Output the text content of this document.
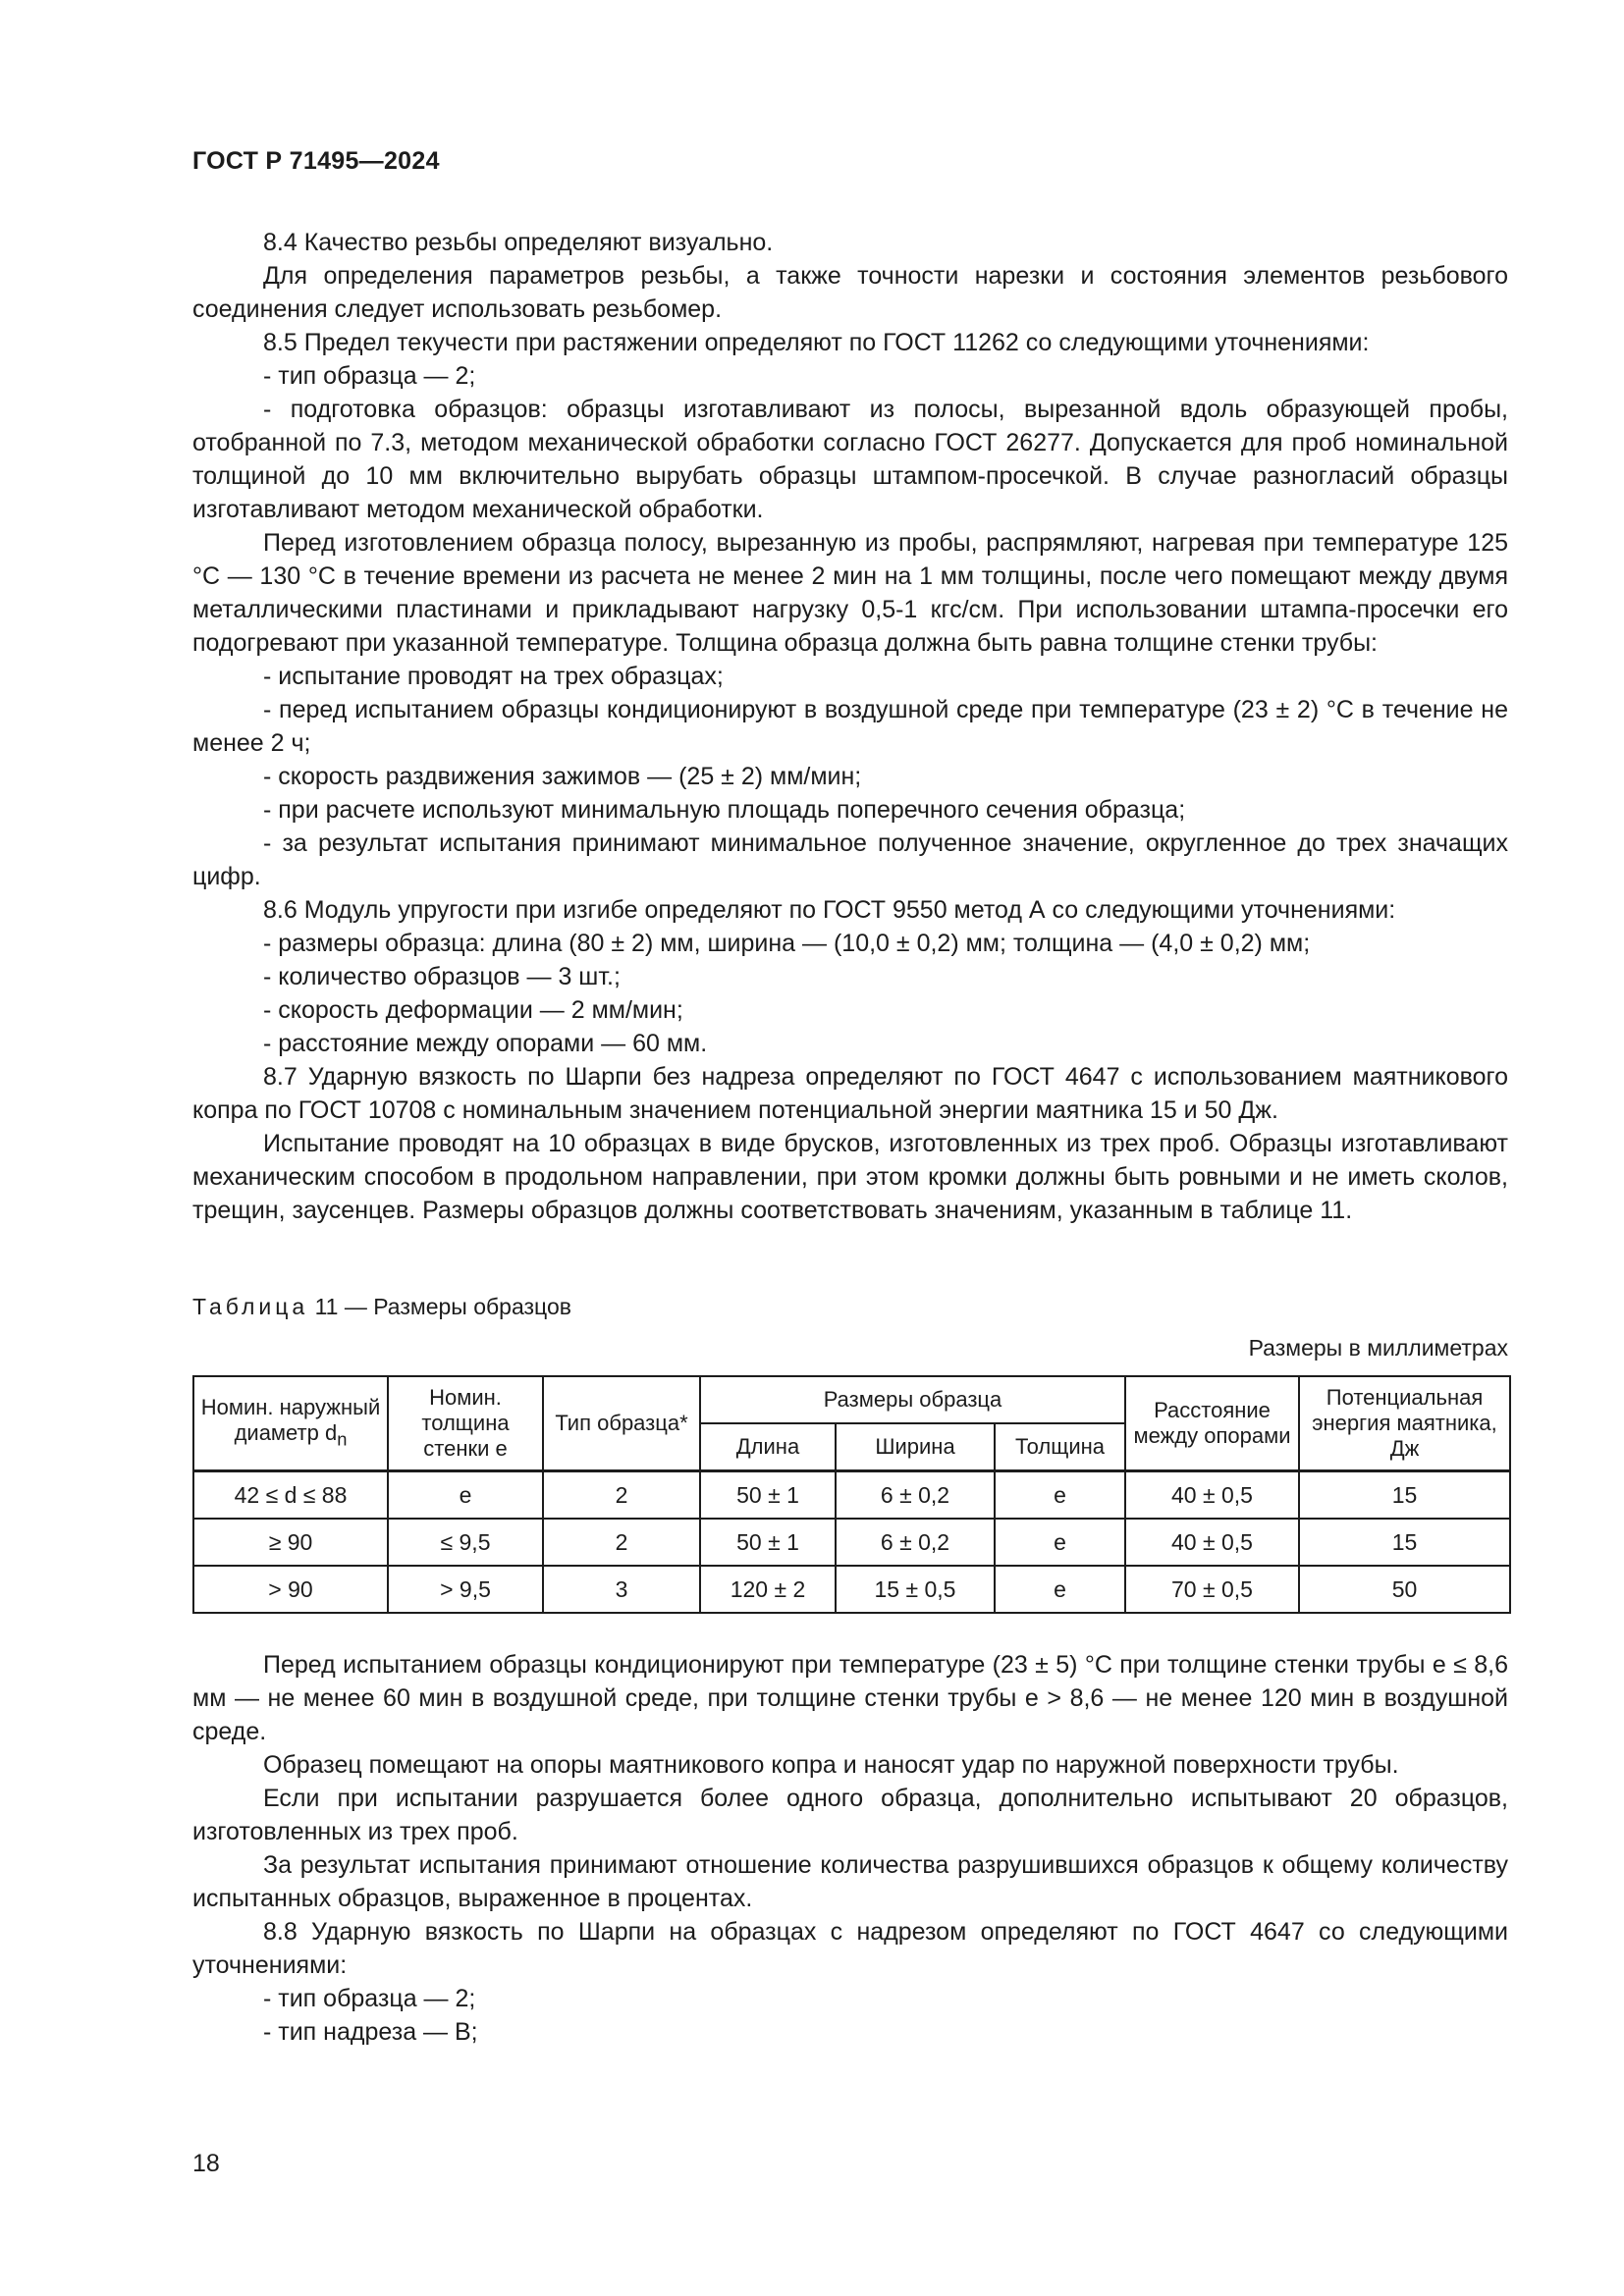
ГОСТ Р 71495—2024

8.4 Качество резьбы определяют визуально.

Для определения параметров резьбы, а также точности нарезки и состояния элементов резьбового соединения следует использовать резьбомер.

8.5 Предел текучести при растяжении определяют по ГОСТ 11262 со следующими уточнениями:

- тип образца — 2;

- подготовка образцов: образцы изготавливают из полосы, вырезанной вдоль образующей пробы, отобранной по 7.3, методом механической обработки согласно ГОСТ 26277. Допускается для проб номинальной толщиной до 10 мм включительно вырубать образцы штампом-просечкой. В случае разногласий образцы изготавливают методом механической обработки.

Перед изготовлением образца полосу, вырезанную из пробы, распрямляют, нагревая при температуре 125 °С — 130 °С в течение времени из расчета не менее 2 мин на 1 мм толщины, после чего помещают между двумя металлическими пластинами и прикладывают нагрузку 0,5-1 кгс/см. При использовании штампа-просечки его подогревают при указанной температуре. Толщина образца должна быть равна толщине стенки трубы:

- испытание проводят на трех образцах;

- перед испытанием образцы кондиционируют в воздушной среде при температуре (23 ± 2) °С в течение не менее 2 ч;

- скорость раздвижения зажимов — (25 ± 2) мм/мин;

- при расчете используют минимальную площадь поперечного сечения образца;

- за результат испытания принимают минимальное полученное значение, округленное до трех значащих цифр.

8.6 Модуль упругости при изгибе определяют по ГОСТ 9550 метод А со следующими уточнениями:

- размеры образца: длина (80 ± 2) мм, ширина — (10,0 ± 0,2) мм; толщина — (4,0 ± 0,2) мм;

- количество образцов — 3 шт.;

- скорость деформации — 2 мм/мин;

- расстояние между опорами — 60 мм.

8.7 Ударную вязкость по Шарпи без надреза определяют по ГОСТ 4647 с использованием маятникового копра по ГОСТ 10708 с номинальным значением потенциальной энергии маятника 15 и 50 Дж.

Испытание проводят на 10 образцах в виде брусков, изготовленных из трех проб. Образцы изготавливают механическим способом в продольном направлении, при этом кромки должны быть ровными и не иметь сколов, трещин, заусенцев. Размеры образцов должны соответствовать значениям, указанным в таблице 11.

Таблица 11 — Размеры образцов
Размеры в миллиметрах
Номин. наружный диаметр $d_n$	Номин. толщина стенки e	Тип образца*	Размеры образца			Расстояние между опорами	Потенциальная энергия маятника, Дж
			Длина	Ширина	Толщина		
42 ≤ d ≤ 88	e	2	50 ± 1	6 ± 0,2	e	40 ± 0,5	15
≥ 90	≤ 9,5	2	50 ± 1	6 ± 0,2	e	40 ± 0,5	15
> 90	> 9,5	3	120 ± 2	15 ± 0,5	e	70 ± 0,5	50

Перед испытанием образцы кондиционируют при температуре (23 ± 5) °С при толщине стенки трубы e ≤ 8,6 мм — не менее 60 мин в воздушной среде, при толщине стенки трубы e > 8,6 — не менее 120 мин в воздушной среде.

Образец помещают на опоры маятникового копра и наносят удар по наружной поверхности трубы.

Если при испытании разрушается более одного образца, дополнительно испытывают 20 образцов, изготовленных из трех проб.

За результат испытания принимают отношение количества разрушившихся образцов к общему количеству испытанных образцов, выраженное в процентах.

8.8 Ударную вязкость по Шарпи на образцах с надрезом определяют по ГОСТ 4647 со следующими уточнениями:

- тип образца — 2;

- тип надреза — В;

18
